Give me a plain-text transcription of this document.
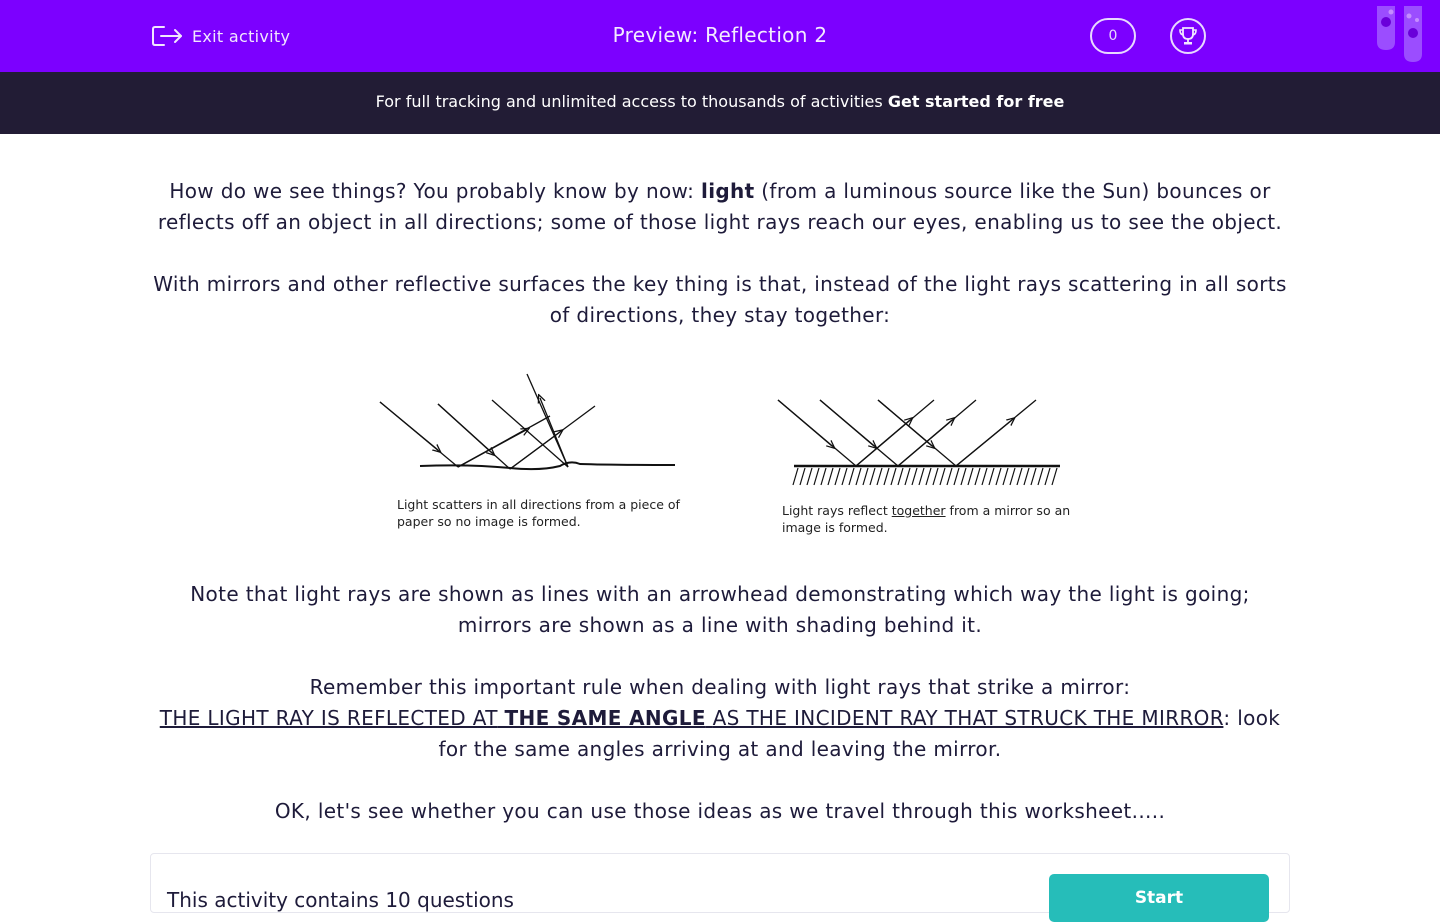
Exit activity	Preview: Reflection 2	0
For full tracking and unlimited access to thousands of activities Get started for free

How do we see things? You probably know by now: light (from a luminous source like the Sun) bounces or reflects off an object in all directions; some of those light rays reach our eyes, enabling us to see the object.

With mirrors and other reflective surfaces the key thing is that, instead of the light rays scattering in all sorts of directions, they stay together:

Light scatters in all directions from a piece of
paper so no image is formed.
Light rays reflect together from a mirror so an
image is formed.

Note that light rays are shown as lines with an arrowhead demonstrating which way the light is going; mirrors are shown as a line with shading behind it.

Remember this important rule when dealing with light rays that strike a mirror:
THE LIGHT RAY IS REFLECTED AT THE SAME ANGLE AS THE INCIDENT RAY THAT STRUCK THE MIRROR: look for the same angles arriving at and leaving the mirror.

OK, let's see whether you can use those ideas as we travel through this worksheet.....

This activity contains 10 questions	Start
